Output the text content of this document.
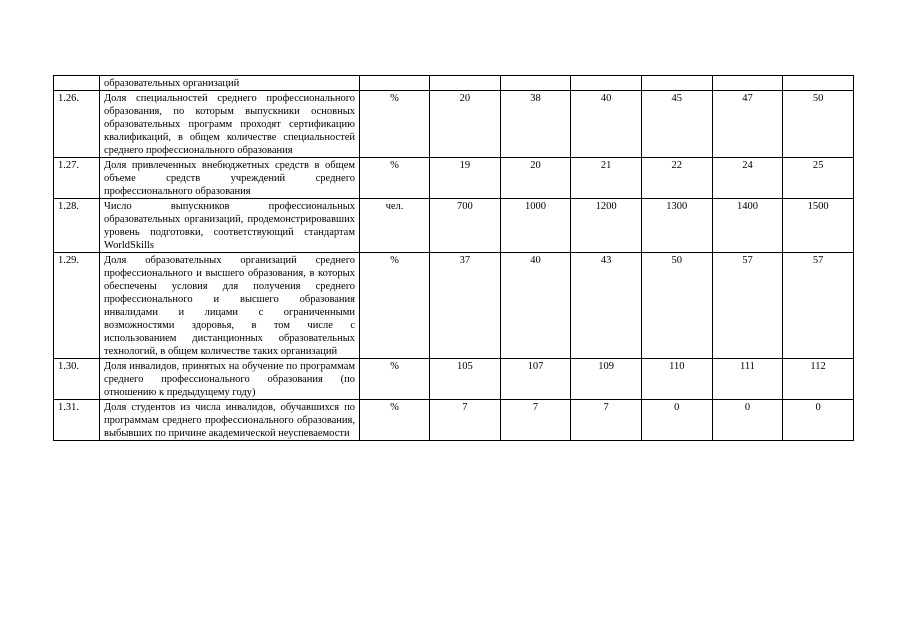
	образовательных организаций							
1.26.	Доля специальностей среднего профессионального образования, по которым выпускники основных образовательных программ проходят сертификацию квалификаций, в общем количестве специальностей среднего профессионального образования	%	20	38	40	45	47	50
1.27.	Доля привлеченных внебюджетных средств в общем объеме средств учреждений среднего профессионального образования	%	19	20	21	22	24	25
1.28.	Число выпускников профессиональных образовательных организаций, продемонстрировавших уровень подготовки, соответствующий стандартам WorldSkills	чел.	700	1000	1200	1300	1400	1500
1.29.	Доля образовательных организаций среднего профессионального и высшего образования, в которых обеспечены условия для получения среднего профессионального и высшего образования инвалидами и лицами с ограниченными возможностями здоровья, в том числе с использованием дистанционных образовательных технологий, в общем количестве таких организаций	%	37	40	43	50	57	57
1.30.	Доля инвалидов, принятых на обучение по программам среднего профессионального образования (по отношению к предыдущему году)	%	105	107	109	110	111	112
1.31.	Доля студентов из числа инвалидов, обучавшихся по программам среднего профессионального образования, выбывших по причине академической неуспеваемости	%	7	7	7	0	0	0
